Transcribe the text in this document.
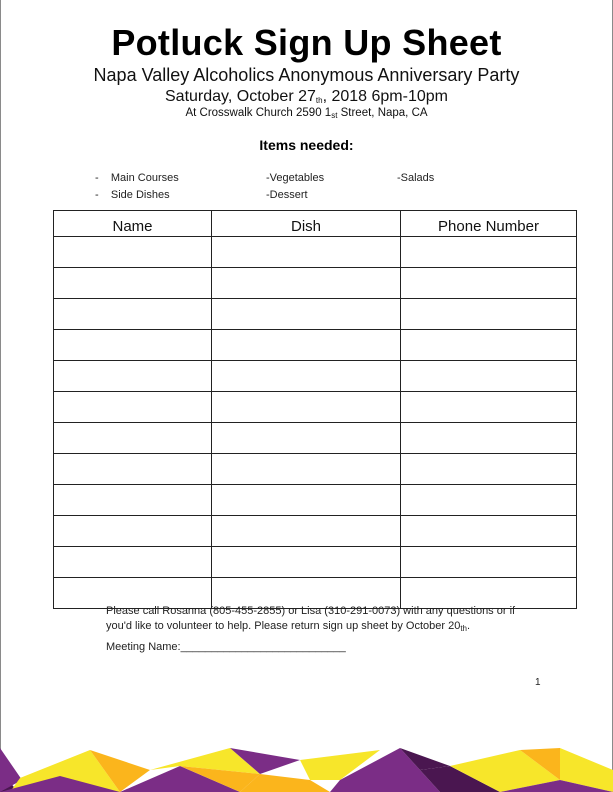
Potluck Sign Up Sheet
Napa Valley Alcoholics Anonymous Anniversary Party
Saturday, October $27_{th}$, 2018 6pm-10pm
At Crosswalk Church 2590 $1_{st}$ Street, Napa, CA
Items needed:
-    Main Courses	-Vegetables	-Salads
-    Side Dishes	-Dessert
Name	Dish	Phone Number

Please call Rosanna (805-455-2855) or Lisa (310-291-0073) with any questions or if
you'd like to volunteer to help. Please return sign up sheet by October $20_{th}$.
Meeting Name:___________________________
1
